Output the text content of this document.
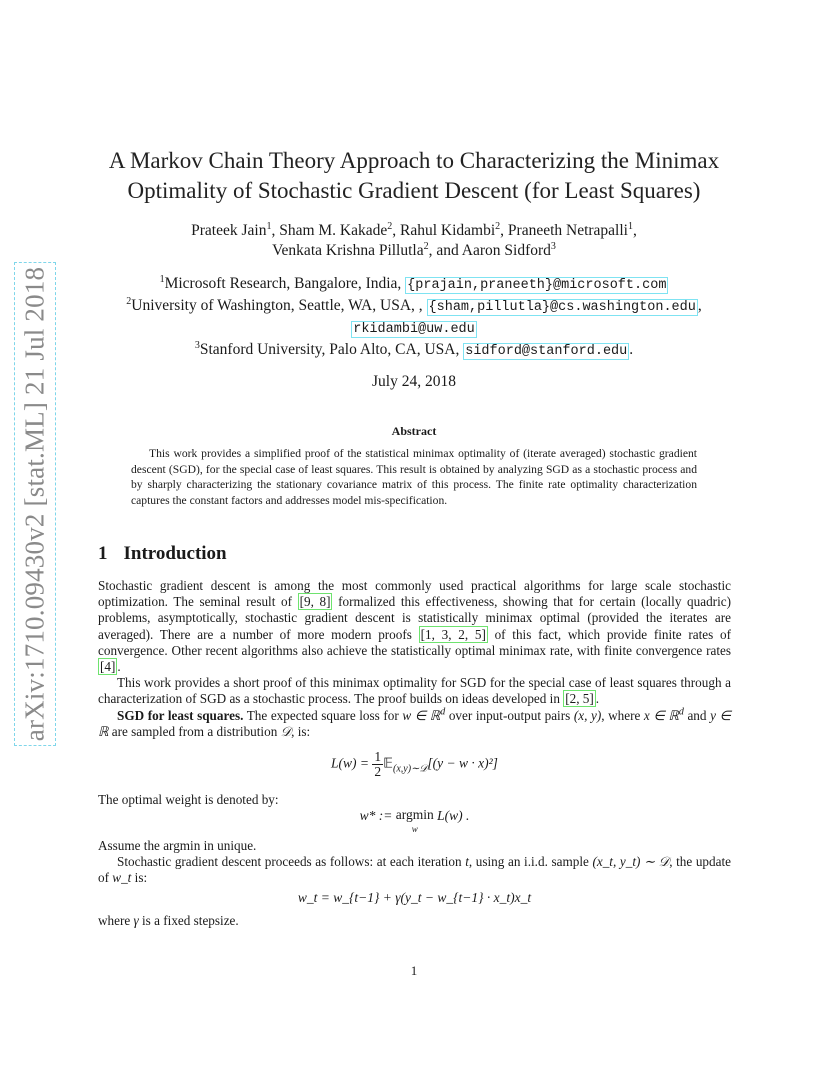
arXiv:1710.09430v2 [stat.ML] 21 Jul 2018
A Markov Chain Theory Approach to Characterizing the Minimax
Optimality of Stochastic Gradient Descent (for Least Squares)
Prateek Jain$^1$, Sham M. Kakade$^2$, Rahul Kidambi$^2$, Praneeth Netrapalli$^1$,
Venkata Krishna Pillutla$^2$, and Aaron Sidford$^3$
$^1$Microsoft Research, Bangalore, India, {prajain,praneeth}@microsoft.com
$^2$University of Washington, Seattle, WA, USA, , {sham,pillutla}@cs.washington.edu ,
rkidambi@uw.edu
$^3$Stanford University, Palo Alto, CA, USA, sidford@stanford.edu .
July 24, 2018
Abstract
This work provides a simplified proof of the statistical minimax optimality of (iterate averaged) stochastic gradient descent (SGD), for the special case of least squares. This result is obtained by analyzing SGD as a stochastic process and by sharply characterizing the stationary covariance matrix of this process. The finite rate optimality characterization captures the constant factors and addresses model mis-specification.
1 Introduction

Stochastic gradient descent is among the most commonly used practical algorithms for large scale stochastic optimization. The seminal result of [9, 8] formalized this effectiveness, showing that for certain (locally quadric) problems, asymptotically, stochastic gradient descent is statistically minimax optimal (provided the iterates are averaged). There are a number of more modern proofs [1, 3, 2, 5] of this fact, which provide finite rates of convergence. Other recent algorithms also achieve the statistically optimal minimax rate, with finite convergence rates [4] .

This work provides a short proof of this minimax optimality for SGD for the special case of least squares through a characterization of SGD as a stochastic process. The proof builds on ideas developed in [2, 5] .

SGD for least squares. The expected square loss for w ∈ ℝ$^d$ over input-output pairs (x, y), where x ∈ ℝ$^d$ and y ∈ ℝ are sampled from a distribution 𝒟, is:

$L(w) = \frac{1}{2}$ 𝔼$_{(x,y)\sim 𝒟}$[(y − w · x)²]

The optimal weight is denoted by:

w* := argmin
w
L(w) .

Assume the argmin in unique.

Stochastic gradient descent proceeds as follows: at each iteration t, using an i.i.d. sample (x_t, y_t) ∼ 𝒟, the update of w_t is:

w_t = w_{t−1} + γ(y_t − w_{t−1} · x_t)x_t

where γ is a fixed stepsize.

1
